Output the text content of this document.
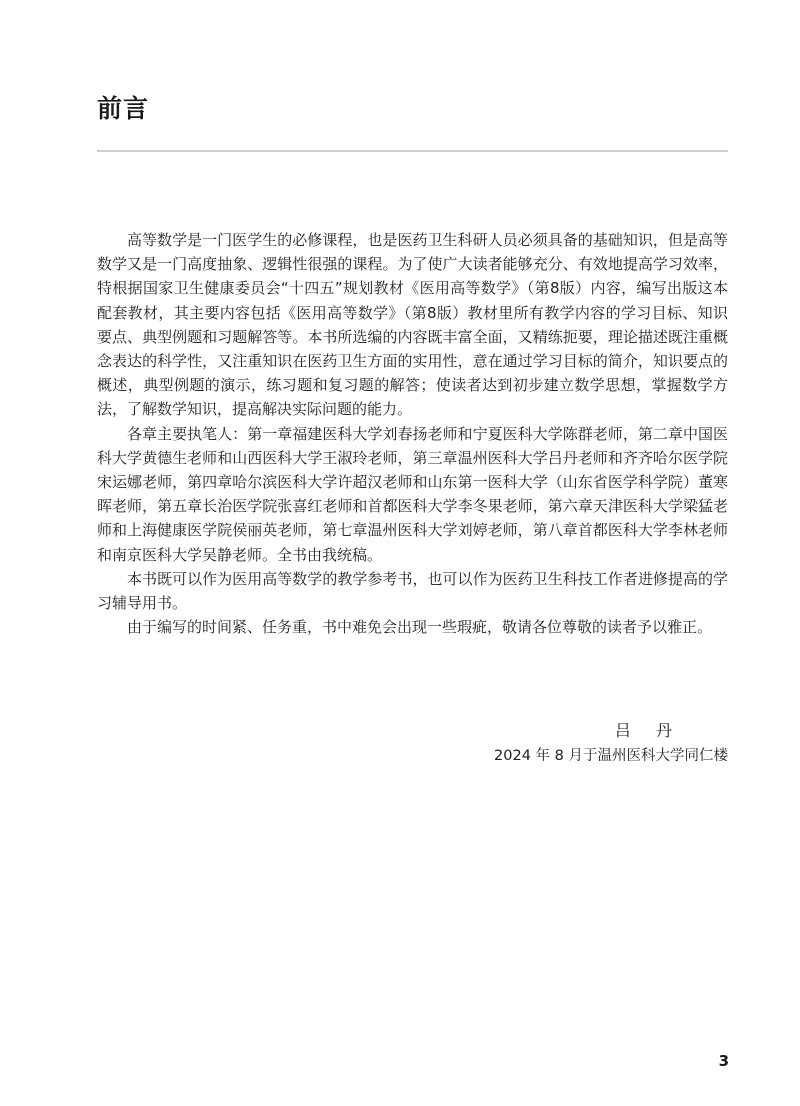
前言

高等数学是一门医学生的必修课程，也是医药卫生科研人员必须具备的基础知识，但是高等数学又是一门高度抽象、逻辑性很强的课程。为了使广大读者能够充分、有效地提高学习效率，特根据国家卫生健康委员会“十四五”规划教材《医用高等数学》（第8版）内容，编写出版这本配套教材，其主要内容包括《医用高等数学》（第8版）教材里所有教学内容的学习目标、知识要点、典型例题和习题解答等。本书所选编的内容既丰富全面，又精练扼要，理论描述既注重概念表达的科学性，又注重知识在医药卫生方面的实用性，意在通过学习目标的简介，知识要点的概述，典型例题的演示，练习题和复习题的解答；使读者达到初步建立数学思想，掌握数学方法，了解数学知识，提高解决实际问题的能力。

各章主要执笔人：第一章福建医科大学刘春扬老师和宁夏医科大学陈群老师，第二章中国医科大学黄德生老师和山西医科大学王淑玲老师，第三章温州医科大学吕丹老师和齐齐哈尔医学院宋运娜老师，第四章哈尔滨医科大学许超汉老师和山东第一医科大学（山东省医学科学院）董寒晖老师，第五章长治医学院张喜红老师和首都医科大学李冬果老师，第六章天津医科大学梁猛老师和上海健康医学院侯丽英老师，第七章温州医科大学刘婷老师，第八章首都医科大学李林老师和南京医科大学吴静老师。全书由我统稿。

本书既可以作为医用高等数学的教学参考书，也可以作为医药卫生科技工作者进修提高的学习辅导用书。

由于编写的时间紧、任务重，书中难免会出现一些瑕疵，敬请各位尊敬的读者予以雅正。

吕 丹
2024 年 8 月于温州医科大学同仁楼
3
